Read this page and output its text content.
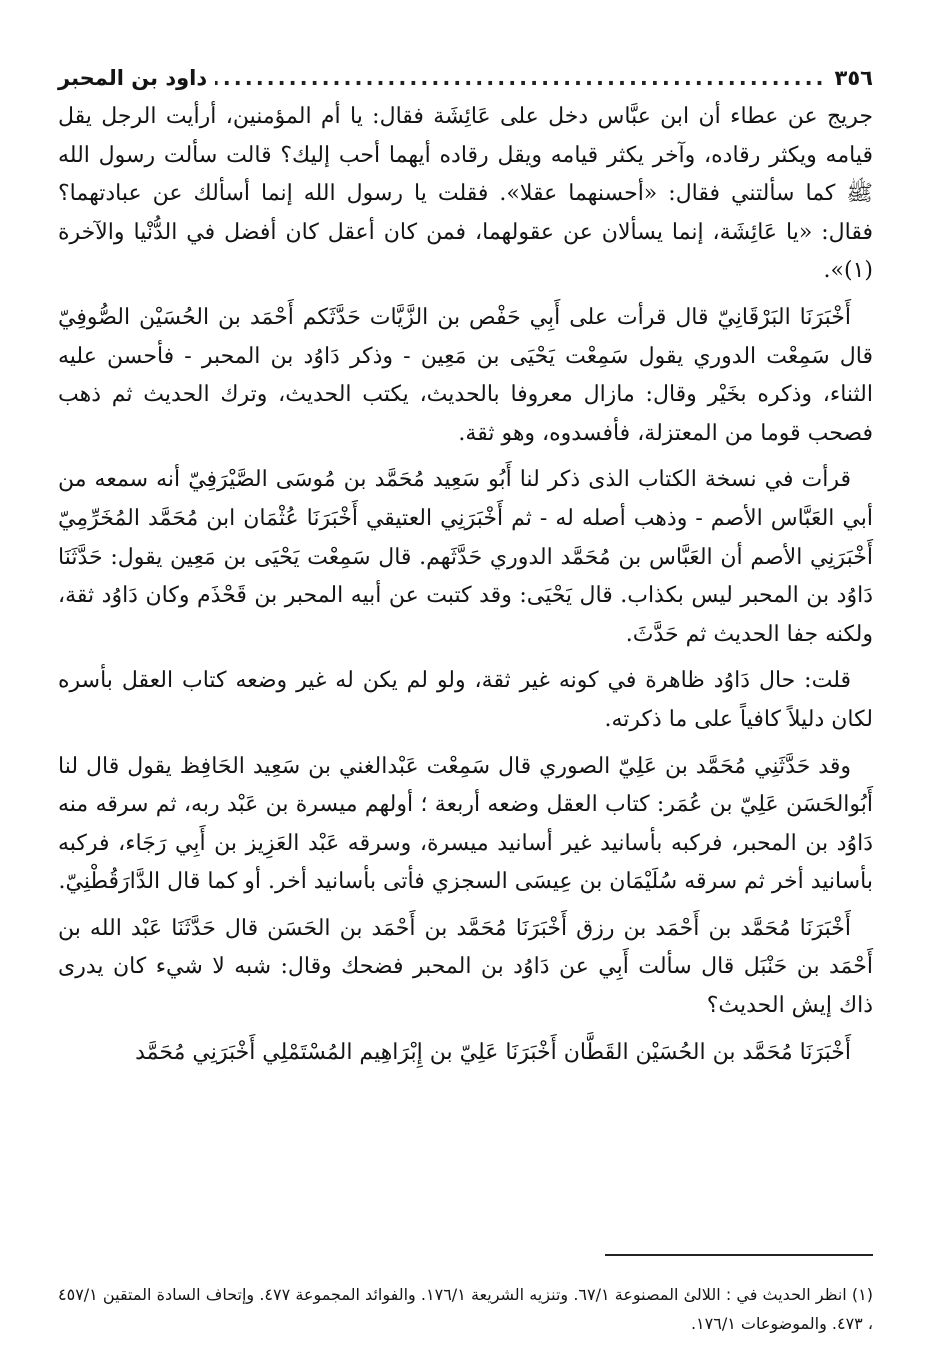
٣٥٦
.....
داود بن المحبر

جريج عن عطاء أن ابن عبَّاس دخل على عَائِشَة فقال: يا أم المؤمنين، أرأيت الرجل يقل قيامه ويكثر رقاده، وآخر يكثر قيامه ويقل رقاده أيهما أحب إليك؟ قالت سألت رسول الله ﷺ كما سألتني فقال: «أحسنهما عقلا». فقلت يا رسول الله إنما أسألك عن عبادتهما؟ فقال: «يا عَائِشَة، إنما يسألان عن عقولهما، فمن كان أعقل كان أفضل في الدُّنْيا والآخرة (١)».

أَخْبَرَنَا البَرْقَانِيّ قال قرأت على أَبِي حَفْص بن الزَّيَّات حَدَّثَكم أَحْمَد بن الحُسَيْن الصُّوفِيّ قال سَمِعْت الدوري يقول سَمِعْت يَحْيَى بن مَعِين - وذكر دَاوُد بن المحبر - فأحسن عليه الثناء، وذكره بخَيْر وقال: مازال معروفا بالحديث، يكتب الحديث، وترك الحديث ثم ذهب فصحب قوما من المعتزلة، فأفسدوه، وهو ثقة.

قرأت في نسخة الكتاب الذى ذكر لنا أَبُو سَعِيد مُحَمَّد بن مُوسَى الصَّيْرَفِيّ أنه سمعه من أبي العَبَّاس الأصم - وذهب أصله له - ثم أَخْبَرَنِي العتيقي أَخْبَرَنَا عُثْمَان ابن مُحَمَّد المُخَرِّمِيّ أَخْبَرَنِي الأصم أن العَبَّاس بن مُحَمَّد الدوري حَدَّثَهم. قال سَمِعْت يَحْيَى بن مَعِين يقول: حَدَّثَنَا دَاوُد بن المحبر ليس بكذاب. قال يَحْيَى: وقد كتبت عن أبيه المحبر بن قَحْذَم وكان دَاوُد ثقة، ولكنه جفا الحديث ثم حَدَّثَ.

قلت: حال دَاوُد ظاهرة في كونه غير ثقة، ولو لم يكن له غير وضعه كتاب العقل بأسره لكان دليلاً كافياً على ما ذكرته.

وقد حَدَّثَنِي مُحَمَّد بن عَلِيّ الصوري قال سَمِعْت عَبْدالغني بن سَعِيد الحَافِظ يقول قال لنا أَبُوالحَسَن عَلِيّ بن عُمَر: كتاب العقل وضعه أربعة ؛ أولهم ميسرة بن عَبْد ربه، ثم سرقه منه دَاوُد بن المحبر، فركبه بأسانيد غير أسانيد ميسرة، وسرقه عَبْد العَزِيز بن أَبِي رَجَاء، فركبه بأسانيد أخر ثم سرقه سُلَيْمَان بن عِيسَى السجزي فأتى بأسانيد أخر. أو كما قال الدَّارَقُطْنِيّ.

أَخْبَرَنَا مُحَمَّد بن أَحْمَد بن رزق أَخْبَرَنَا مُحَمَّد بن أَحْمَد بن الحَسَن قال حَدَّثَنَا عَبْد الله بن أَحْمَد بن حَنْبَل قال سألت أَبِي عن دَاوُد بن المحبر فضحك وقال: شبه لا شيء كان يدرى ذاك إيش الحديث؟

أَخْبَرَنَا مُحَمَّد بن الحُسَيْن القَطَّان أَخْبَرَنَا عَلِيّ بن إِبْرَاهِيم المُسْتَمْلِي أَخْبَرَنِي مُحَمَّد

(١) انظر الحديث في : اللالئ المصنوعة ٦٧/١. وتنزيه الشريعة ١٧٦/١. والفوائد المجموعة ٤٧٧. وإتحاف السادة المتقين ٤٥٧/١ ، ٤٧٣. والموضوعات ١٧٦/١.
